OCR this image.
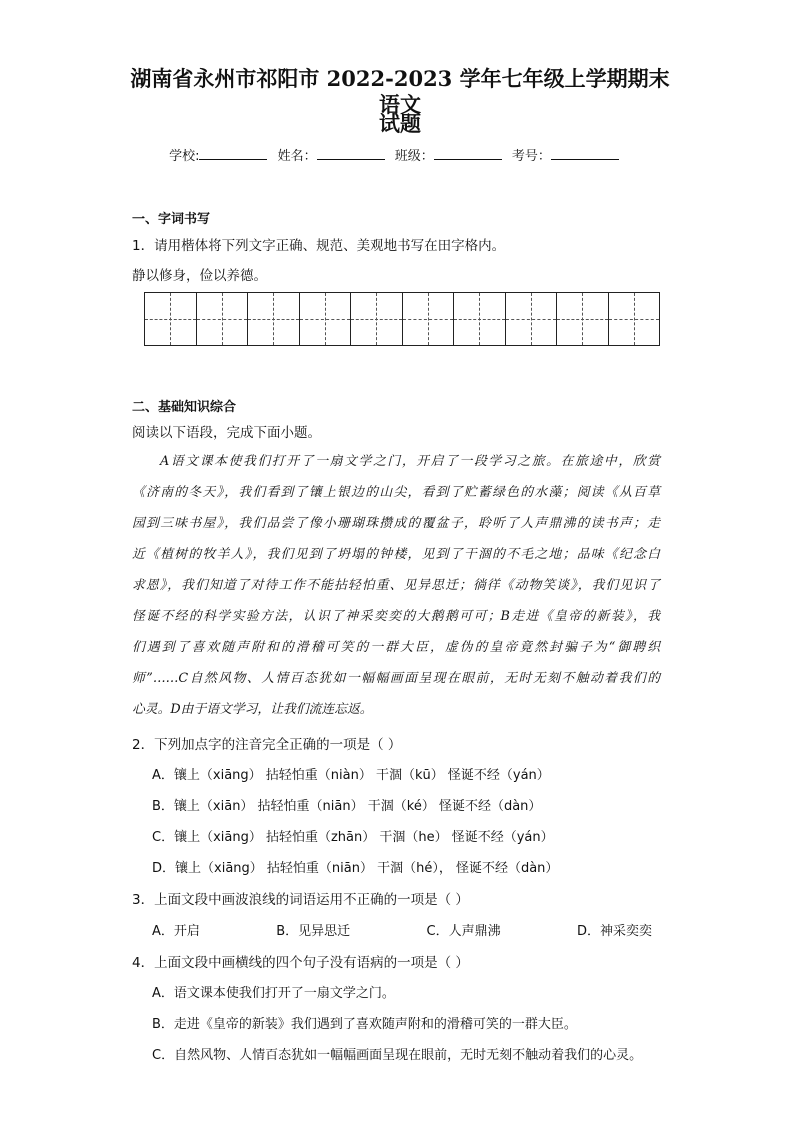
湖南省永州市祁阳市 2022-2023 学年七年级上学期期末语文
试题
学校:	姓名：	班级：	考号：
一、字词书写
1．请用楷体将下列文字正确、规范、美观地书写在田字格内。
静以修身，俭以养德。
二、基础知识综合
阅读以下语段，完成下面小题。
A语文课本使我们打开了一扇文学之门，开启了一段学习之旅。在旅途中，欣赏
《济南的冬天》，我们看到了镶上银边的山尖，看到了贮蓄绿色的水藻；阅读《从百草
园到三味书屋》，我们品尝了像小珊瑚珠攒成的覆盆子，聆听了人声鼎沸的读书声；走
近《植树的牧羊人》，我们见到了坍塌的钟楼，见到了干涸的不毛之地；品味《纪念白
求恩》，我们知道了对待工作不能拈轻怕重、见异思迁；徜徉《动物笑谈》，我们见识了
怪诞不经的科学实验方法，认识了神采奕奕的大鹅鹅可可；B走进《皇帝的新装》，我
们遇到了喜欢随声附和的滑稽可笑的一群大臣，虚伪的皇帝竟然封骗子为“御聘织
师”……C自然风物、人情百态犹如一幅幅画面呈现在眼前，无时无刻不触动着我们的
心灵。D由于语文学习，让我们流连忘返。
2．下列加点字的注音完全正确的一项是（ ）
A．镶上（xiāng） 拈轻怕重（niàn） 干涸（kū） 怪诞不经（yán）
B．镶上（xiān） 拈轻怕重（niān） 干涸（ké） 怪诞不经（dàn）
C．镶上（xiāng） 拈轻怕重（zhān） 干涸（he） 怪诞不经（yán）
D．镶上（xiāng） 拈轻怕重（niān） 干涸（hé）， 怪诞不经（dàn）
3．上面文段中画波浪线的词语运用不正确的一项是（ ）
A．开启	B．见异思迁	C．人声鼎沸	D．神采奕奕
4．上面文段中画横线的四个句子没有语病的一项是（ ）
A．语文课本使我们打开了一扇文学之门。
B．走进《皇帝的新装》我们遇到了喜欢随声附和的滑稽可笑的一群大臣。
C．自然风物、人情百态犹如一幅幅画面呈现在眼前，无时无刻不触动着我们的心灵。
